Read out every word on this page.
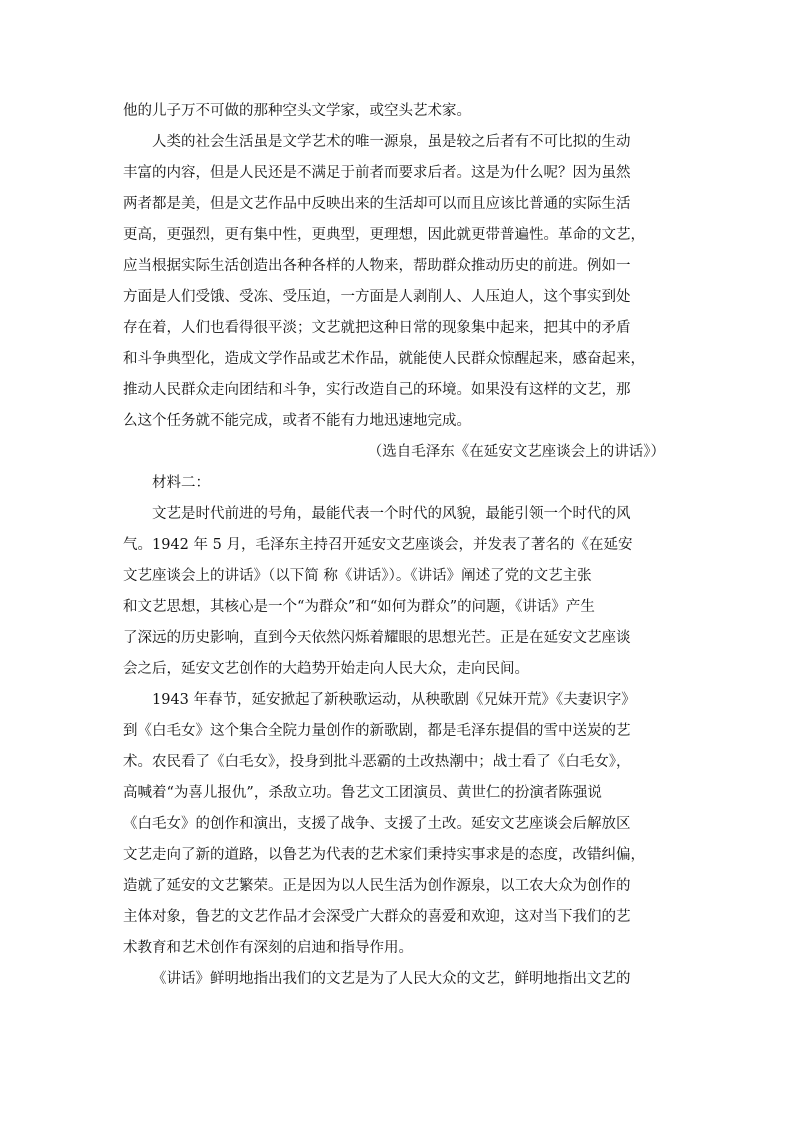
他的儿子万不可做的那种空头文学家，或空头艺术家。
人类的社会生活虽是文学艺术的唯一源泉，虽是较之后者有不可比拟的生动
丰富的内容，但是人民还是不满足于前者而要求后者。这是为什么呢？因为虽然
两者都是美，但是文艺作品中反映出来的生活却可以而且应该比普通的实际生活
更高，更强烈，更有集中性，更典型，更理想，因此就更带普遍性。革命的文艺，
应当根据实际生活创造出各种各样的人物来，帮助群众推动历史的前进。例如一
方面是人们受饿、受冻、受压迫，一方面是人剥削人、人压迫人，这个事实到处
存在着，人们也看得很平淡；文艺就把这种日常的现象集中起来，把其中的矛盾
和斗争典型化，造成文学作品或艺术作品，就能使人民群众惊醒起来，感奋起来，
推动人民群众走向团结和斗争，实行改造自己的环境。如果没有这样的文艺，那
么这个任务就不能完成，或者不能有力地迅速地完成。
（选自毛泽东《在延安文艺座谈会上的讲话》）
材料二：
文艺是时代前进的号角，最能代表一个时代的风貌，最能引领一个时代的风
气。1942 年 5 月，毛泽东主持召开延安文艺座谈会，并发表了著名的《在延安
文艺座谈会上的讲话》（以下简 称《讲话》）。《讲话》阐述了党的文艺主张
和文艺思想，其核心是一个“为群众”和“如何为群众”的问题，《讲话》产生
了深远的历史影响，直到今天依然闪烁着耀眼的思想光芒。正是在延安文艺座谈
会之后，延安文艺创作的大趋势开始走向人民大众，走向民间。
1943 年春节，延安掀起了新秧歌运动，从秧歌剧《兄妹开荒》《夫妻识字》
到《白毛女》这个集合全院力量创作的新歌剧，都是毛泽东提倡的雪中送炭的艺
术。农民看了《白毛女》，投身到批斗恶霸的土改热潮中；战士看了《白毛女》，
高喊着“为喜儿报仇”，杀敌立功。鲁艺文工团演员、黄世仁的扮演者陈强说
《白毛女》的创作和演出，支援了战争、支援了土改。延安文艺座谈会后解放区
文艺走向了新的道路，以鲁艺为代表的艺术家们秉持实事求是的态度，改错纠偏，
造就了延安的文艺繁荣。正是因为以人民生活为创作源泉，以工农大众为创作的
主体对象，鲁艺的文艺作品才会深受广大群众的喜爱和欢迎，这对当下我们的艺
术教育和艺术创作有深刻的启迪和指导作用。
《讲话》鲜明地指出我们的文艺是为了人民大众的文艺，鲜明地指出文艺的
